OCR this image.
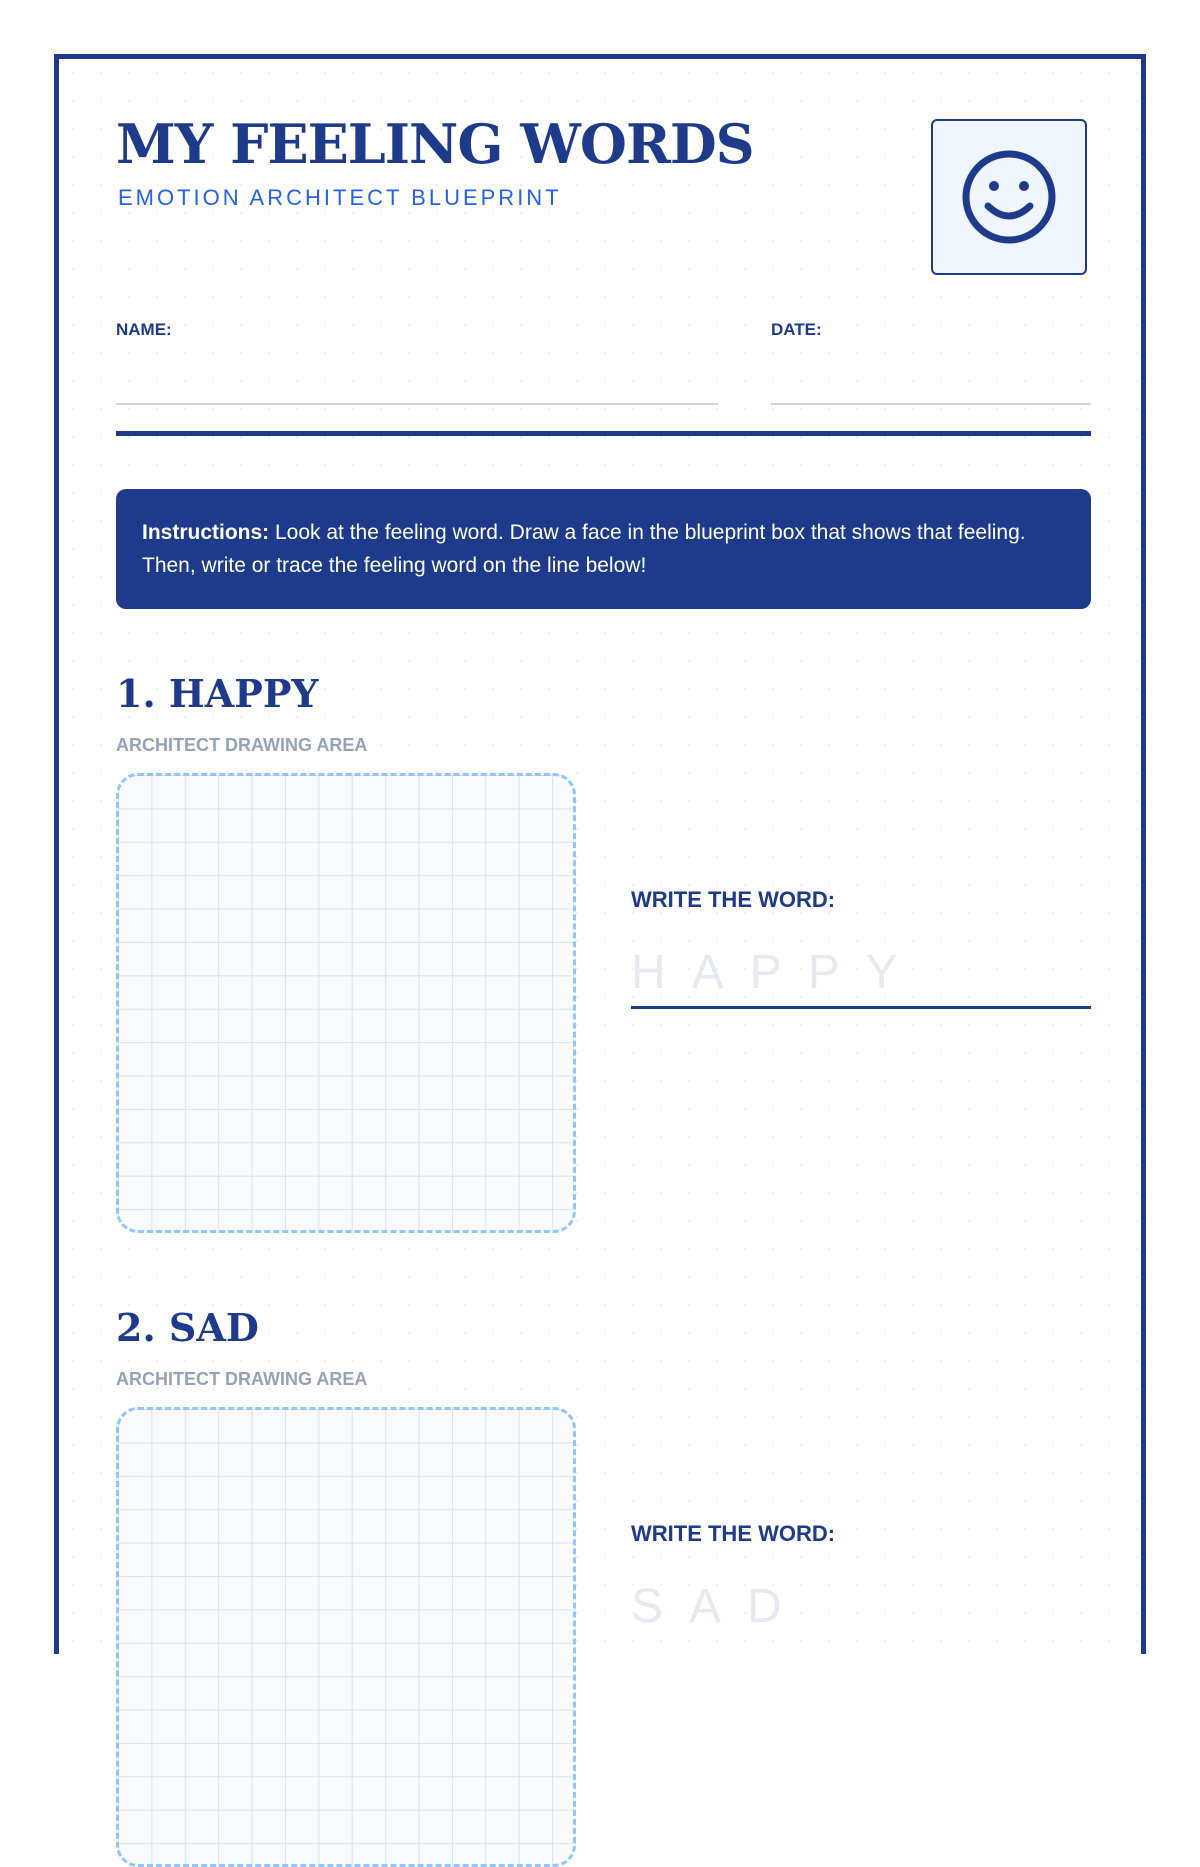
MY FEELING WORDS
EMOTION ARCHITECT BLUEPRINT
NAME:	DATE:
Instructions: Look at the feeling word. Draw a face in the blueprint box that shows that feeling. Then, write or trace the feeling word on the line below!
1. HAPPY
ARCHITECT DRAWING AREA
WRITE THE WORD:
HAPPY
2. SAD
ARCHITECT DRAWING AREA
WRITE THE WORD:
SAD
